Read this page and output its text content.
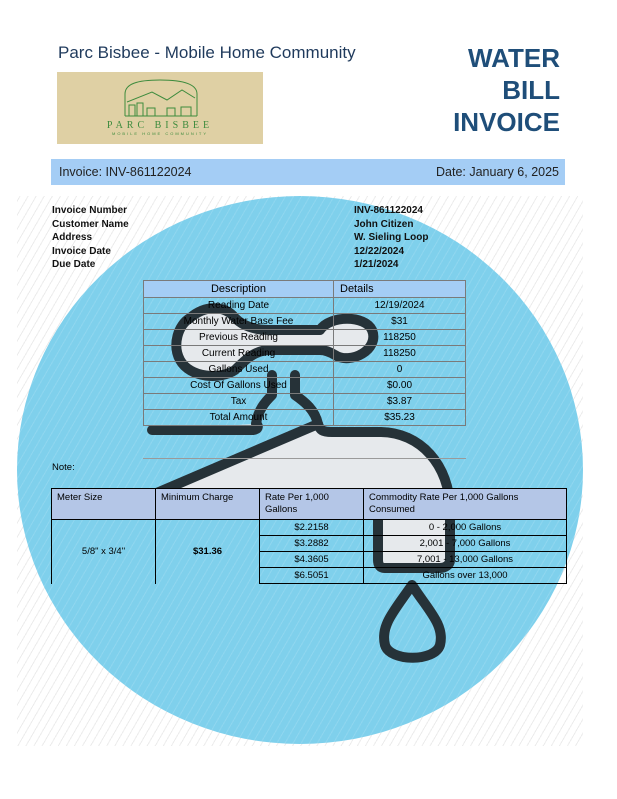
Parc Bisbee - Mobile Home Community
PARC BISBEE
MOBILE HOME COMMUNITY
WATER
BILL
INVOICE
Invoice: INV-861122024	Date: January 6, 2025
Invoice Number	INV-861122024
Customer Name	John Citizen
Address	W. Sieling Loop
Invoice Date	12/22/2024
Due Date	1/21/2024
Description	Details
Reading Date	12/19/2024
Monthly Water Base Fee	$31
Previous Reading	118250
Current Reading	118250
Gallons Used	0
Cost Of Gallons Used	$0.00
Tax	$3.87
Total Amount	$35.23
Note:
Meter Size	Minimum Charge	Rate Per 1,000 Gallons	Commodity Rate Per 1,000 Gallons Consumed
5/8" x 3/4"	$31.36	$2.2158	0 - 2,000 Gallons
		$3.2882	2,001 - 7,000 Gallons
		$4.3605	7,001 - 13,000 Gallons
		$6.5051	Gallons over 13,000
